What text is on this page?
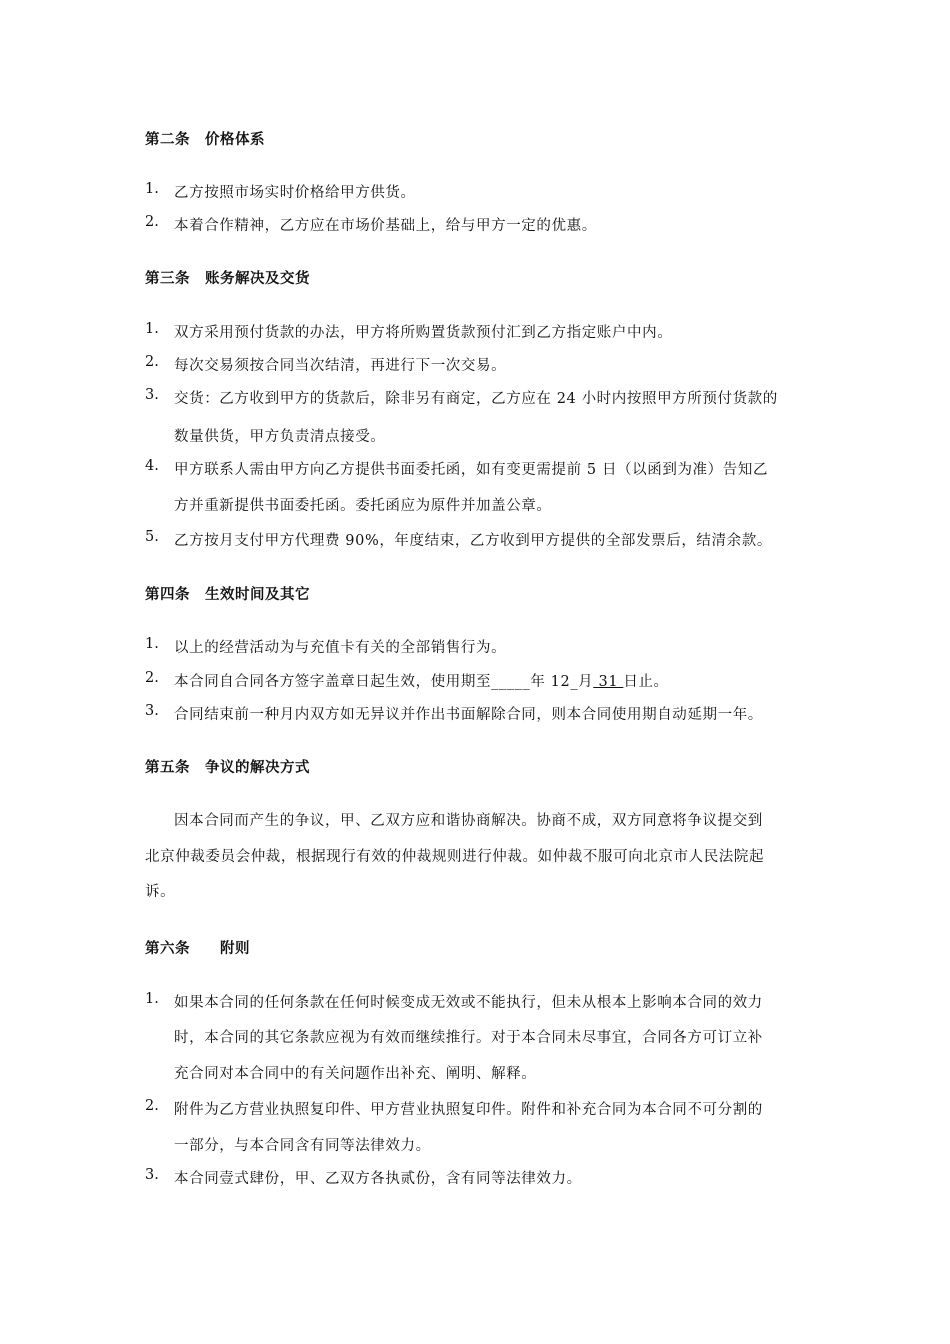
第二条　价格体系
1. 乙方按照市场实时价格给甲方供货。
2. 本着合作精神，乙方应在市场价基础上，给与甲方一定的优惠。
第三条　账务解决及交货
1. 双方采用预付货款的办法，甲方将所购置货款预付汇到乙方指定账户中内。
2. 每次交易须按合同当次结清，再进行下一次交易。
3. 交货：乙方收到甲方的货款后，除非另有商定，乙方应在 24 小时内按照甲方所预付货款的
数量供货，甲方负责清点接受。
4. 甲方联系人需由甲方向乙方提供书面委托函，如有变更需提前 5 日（以函到为准）告知乙
方并重新提供书面委托函。委托函应为原件并加盖公章。
5. 乙方按月支付甲方代理费 90%，年度结束，乙方收到甲方提供的全部发票后，结清余款。
第四条　生效时间及其它
1. 以上的经营活动为与充值卡有关的全部销售行为。
2. 本合同自合同各方签字盖章日起生效，使用期至_____年 12_月 31 日止。
3. 合同结束前一种月内双方如无异议并作出书面解除合同，则本合同使用期自动延期一年。
第五条　争议的解决方式
因本合同而产生的争议，甲、乙双方应和谐协商解决。协商不成，双方同意将争议提交到
北京仲裁委员会仲裁，根据现行有效的仲裁规则进行仲裁。如仲裁不服可向北京市人民法院起
诉。
第六条　　附则
1. 如果本合同的任何条款在任何时候变成无效或不能执行，但未从根本上影响本合同的效力
时，本合同的其它条款应视为有效而继续推行。对于本合同未尽事宜，合同各方可订立补
充合同对本合同中的有关问题作出补充、阐明、解释。
2. 附件为乙方营业执照复印件、甲方营业执照复印件。附件和补充合同为本合同不可分割的
一部分，与本合同含有同等法律效力。
3. 本合同壹式肆份，甲、乙双方各执贰份，含有同等法律效力。
